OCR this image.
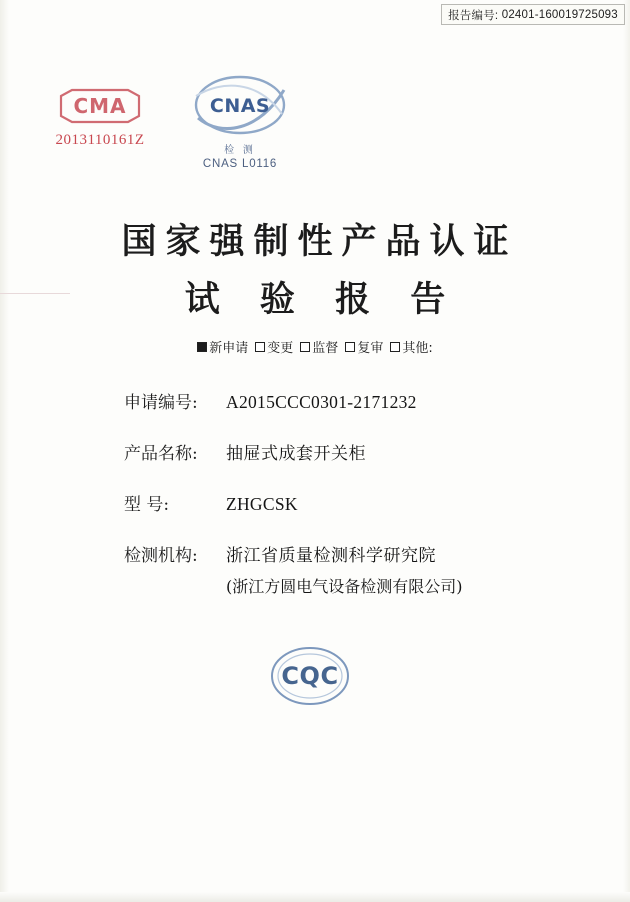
报告编号:
02401-160019725093
CMA
2013110161Z
CNAS
检 测
CNAS L0116
国家强制性产品认证
试 验 报 告
新申请 变更 监督 复审 其他:
申请编号:	A2015CCC0301-2171232
产品名称:	抽屉式成套开关柜
型 号:	ZHGCSK
检测机构:	浙江省质量检测科学研究院
(浙江方圆电气设备检测有限公司)
CQC
